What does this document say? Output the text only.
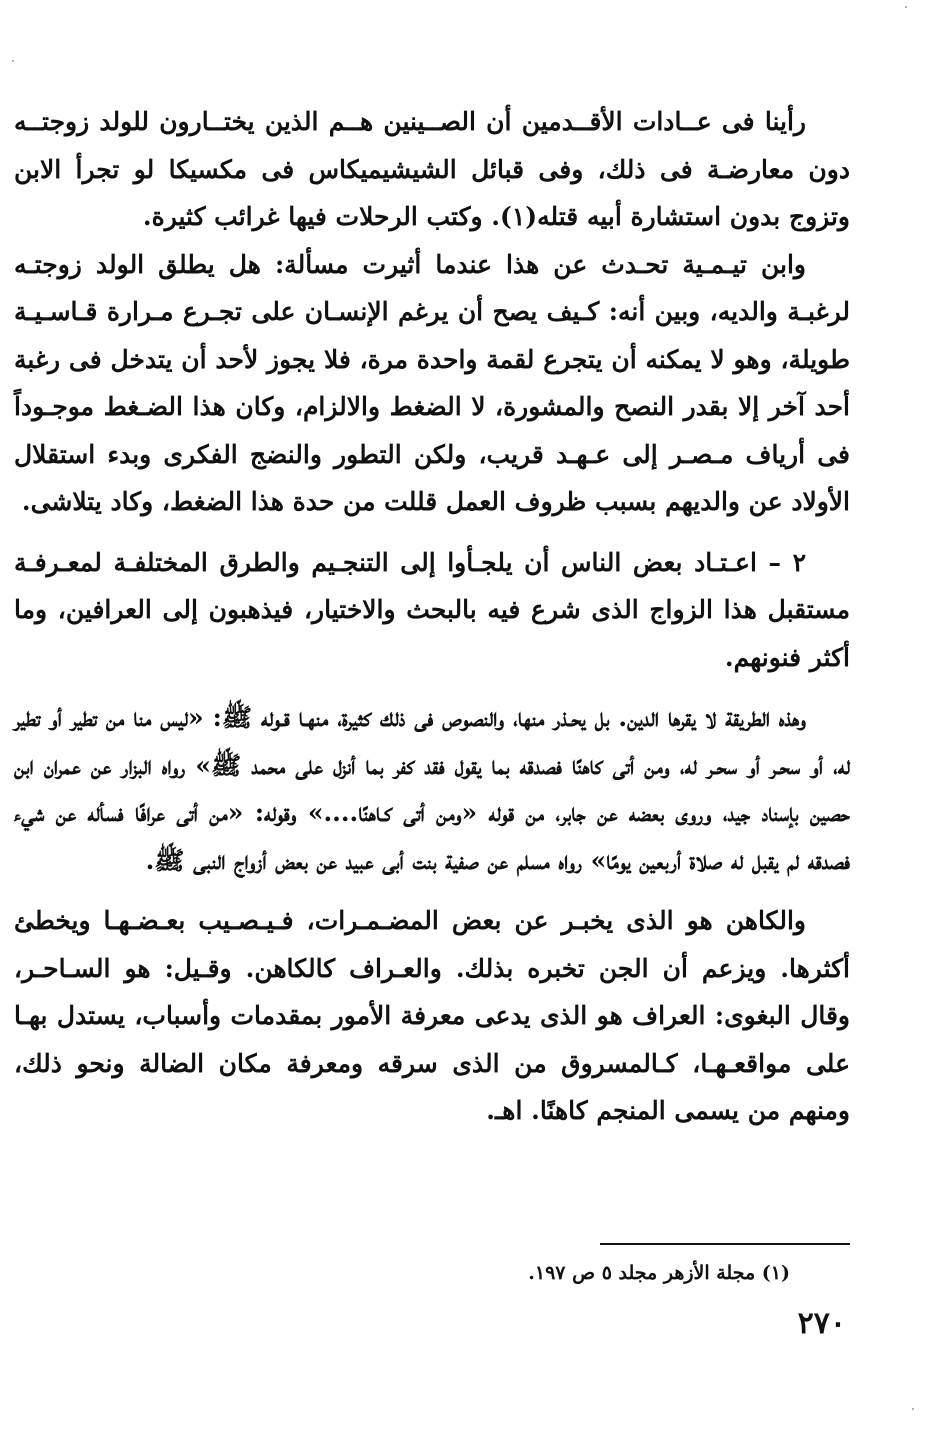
رأينا فى عــادات الأقــدمين أن الصــينين هــم الذين يختــارون للولد زوجتــه دون معارضـة فى ذلك، وفى قبائل الشيشيميكاس فى مكسيكا لو تجرأ الابن وتزوج بدون استشارة أبيه قتله(١). وكتب الرحلات فيها غرائب كثيرة.

وابن تيـمـية تحـدث عن هذا عندما أثيرت مسألة: هل يطلق الولد زوجتـه لرغبـة والديه، وبين أنه: كـيف يصح أن يرغم الإنسـان على تجـرع مـرارة قـاسـيـة طويلة، وهو لا يمكنه أن يتجرع لقمة واحدة مرة، فلا يجوز لأحد أن يتدخل فى رغبة أحد آخر إلا بقدر النصح والمشورة، لا الضغط والالزام، وكان هذا الضـغط موجـوداً فى أرياف مـصـر إلى عـهـد قريب، ولكن التطور والنضج الفكرى وبدء استقلال الأولاد عن والديهم بسبب ظروف العمل قللت من حدة هذا الضغط، وكاد يتلاشى.

٢ – اعـتـاد بعض الناس أن يلجـأوا إلى التنجـيم والطرق المختلفـة لمعـرفـة مستقبل هذا الزواج الذى شرع فيه بالبحث والاختيار، فيذهبون إلى العرافين، وما أكثر فنونهم.

وهذه الطريقة لا يقرها الدين. بل يحـذر منها، والنصوص فى ذلك كثيرة، منهـا قـوله ﷺ: «ليس منا من تطير أو تطير له، أو سحـر أو سحـر له، ومن أتى كاهنًا فصدقه بما يقول فقد كفر بما أنزل على محمد ﷺ» رواه البزار عن عمران ابن حصين بإسناد جيد، وروى بعضه عن جابر، من قوله «ومن أتى كـاهنًا....» وقوله: «من أتى عرافًا فسأله عن شيء فصدقه لم يقبل له صلاة أربعين يومًا» رواه مسلم عن صفية بنت أبى عبيد عن بعض أزواج النبى ﷺ.

والكاهن هو الذى يخبـر عن بعض المضـمـرات، فـيـصـيب بعـضـهـا ويخطئ أكثرها. ويزعم أن الجن تخبره بذلك. والعـراف كالكاهن. وقـيل: هو السـاحـر، وقال البغوى: العراف هو الذى يدعى معرفة الأمور بمقدمات وأسباب، يستدل بهـا على مواقعـهـا، كـالمسروق من الذى سرقه ومعرفة مكان الضالة ونحو ذلك، ومنهم من يسمى المنجم كاهنًا. اهـ.

(١) مجلة الأزهر مجلد ٥ ص ١٩٧.
٢٧٠
